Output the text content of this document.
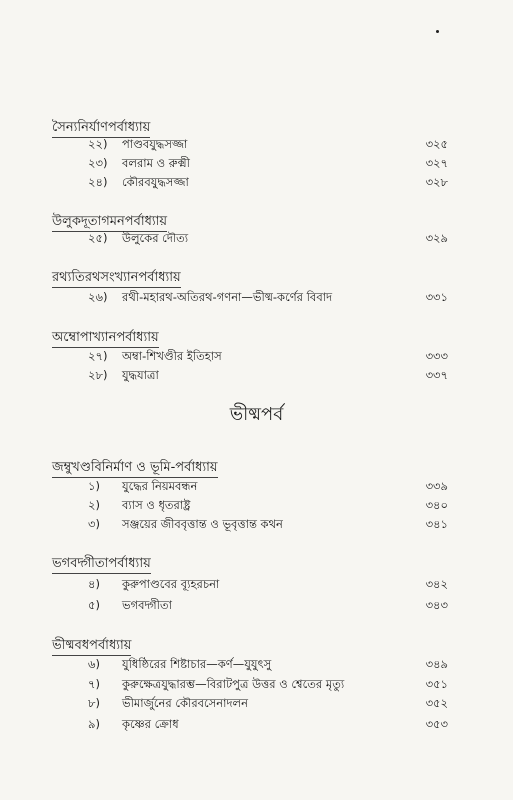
সৈন্যনির্যাণপর্বাধ্যায়
২২) পাণ্ডবযুদ্ধসজ্জা	৩২৫
২৩) বলরাম ও রুক্মী	৩২৭
২৪) কৌরবযুদ্ধসজ্জা	৩২৮
উলুকদূতাগমনপর্বাধ্যায়
২৫) উলুকের দৌত্য	৩২৯
রথ্যতিরথসংখ্যানপর্বাধ্যায়
২৬) রথী-মহারথ-অতিরথ-গণনা—ভীষ্ম-কর্ণের বিবাদ	৩৩১
অম্বোপাখ্যানপর্বাধ্যায়
২৭) অম্বা-শিখণ্ডীর ইতিহাস	৩৩৩
২৮) যুদ্ধযাত্রা	৩৩৭
ভীষ্মপর্ব
জম্বুখণ্ডবিনির্মাণ ও ভূমি-পর্বাধ্যায়
১) যুদ্ধের নিয়মবন্ধন	৩৩৯
২) ব্যাস ও ধৃতরাষ্ট্র	৩৪০
৩) সঞ্জয়ের জীববৃত্তান্ত ও ভূবৃত্তান্ত কথন	৩৪১
ভগবদ্গীতাপর্বাধ্যায়
৪) কুরুপাণ্ডবের ব্যূহরচনা	৩৪২
৫) ভগবদ্গীতা	৩৪৩
ভীষ্মবধপর্বাধ্যায়
৬) যুধিষ্ঠিরের শিষ্টাচার—কর্ণ—যুযুৎসু	৩৪৯
৭) কুরুক্ষেত্রযুদ্ধারম্ভ—বিরাটপুত্র উত্তর ও শ্বেতের মৃত্যু	৩৫১
৮) ভীমার্জুনের কৌরবসেনাদলন	৩৫২
৯) কৃষ্ণের ক্রোধ	৩৫৩
